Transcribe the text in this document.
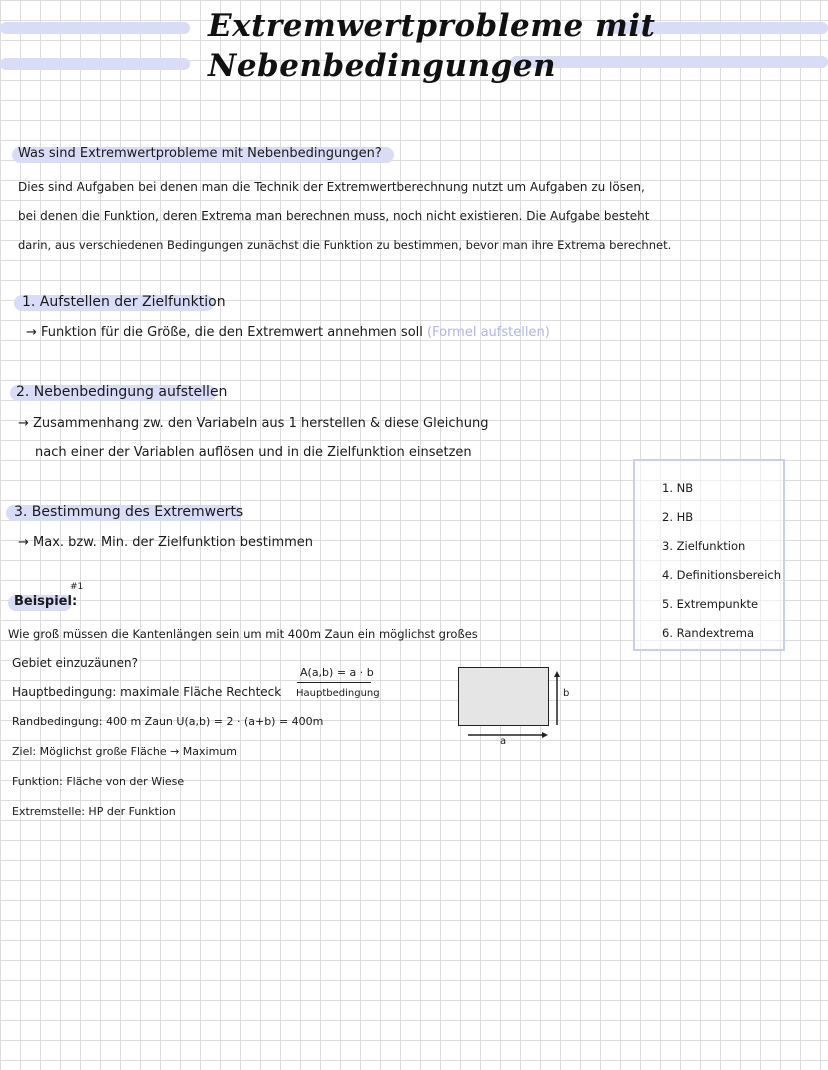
Extremwertprobleme mit
Nebenbedingungen
Was sind Extremwertprobleme mit Nebenbedingungen?
Dies sind Aufgaben bei denen man die Technik der Extremwertberechnung nutzt um Aufgaben zu lösen,
bei denen die Funktion, deren Extrema man berechnen muss, noch nicht existieren. Die Aufgabe besteht
darin, aus verschiedenen Bedingungen zunächst die Funktion zu bestimmen, bevor man ihre Extrema berechnet.
1. Aufstellen der Zielfunktion
→ Funktion für die Größe, die den Extremwert annehmen soll (Formel aufstellen)
2. Nebenbedingung aufstellen
→ Zusammenhang zw. den Variabeln aus 1 herstellen & diese Gleichung
nach einer der Variablen auflösen und in die Zielfunktion einsetzen
3. Bestimmung des Extremwerts
→ Max. bzw. Min. der Zielfunktion bestimmen
1. NB
2. HB
3. Zielfunktion
4. Definitionsbereich
5. Extrempunkte
6. Randextrema
Beispiel:
#1
Wie groß müssen die Kantenlängen sein um mit 400m Zaun ein möglichst großes
Gebiet einzuzäunen?
Hauptbedingung: maximale Fläche Rechteck
A(a,b) = a · b
Hauptbedingung
Randbedingung: 400 m Zaun U(a,b) = 2 · (a+b) = 400m
Ziel: Möglichst große Fläche → Maximum
Funktion: Fläche von der Wiese
Extremstelle: HP der Funktion
a
b
